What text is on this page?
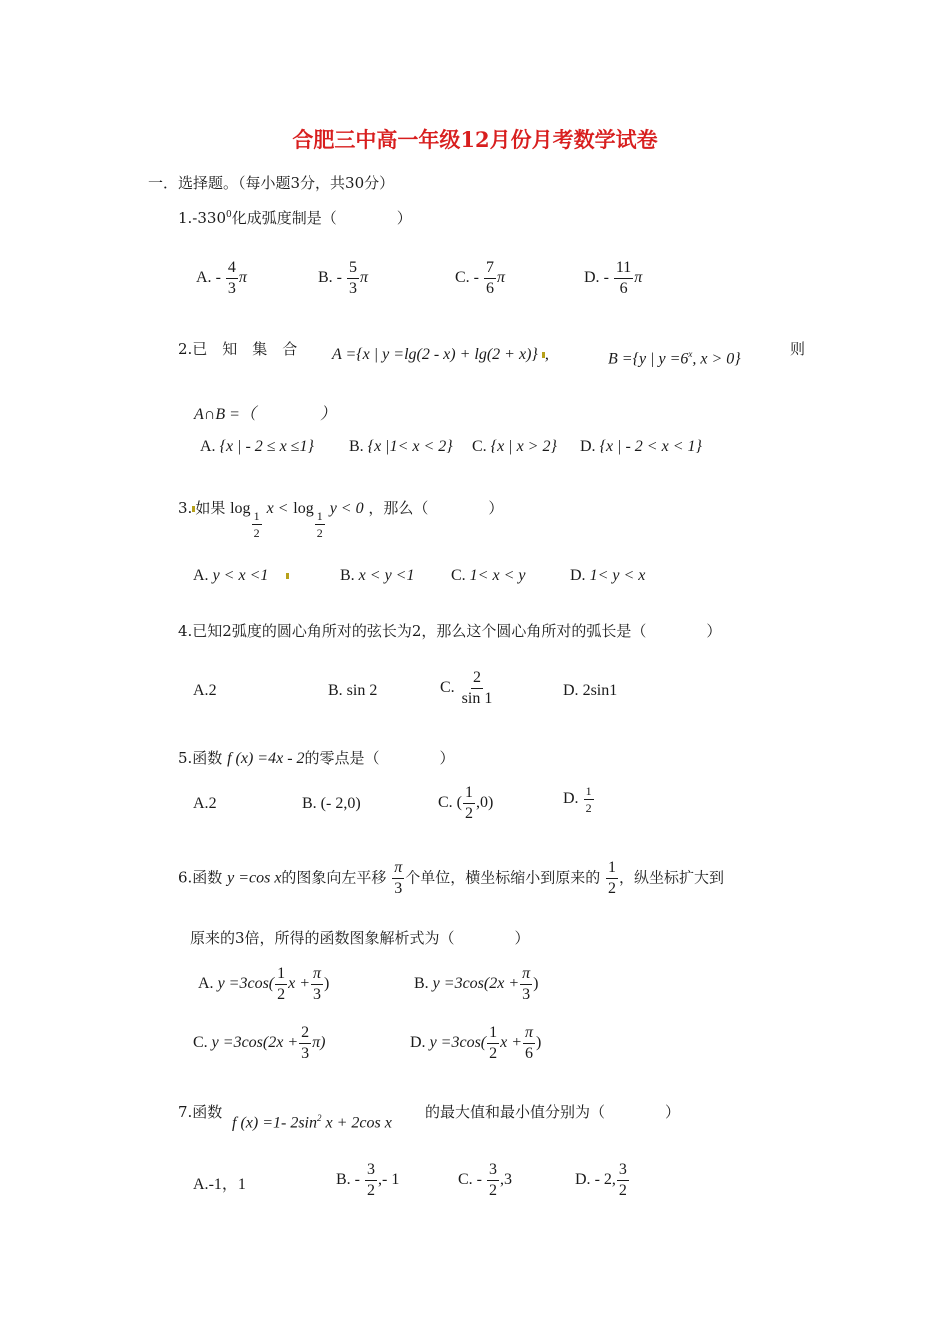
合肥三中高一年级12月份月考数学试卷
一．选择题。（每小题3分，共30分）
$1.-330^0$化成弧度制是（　　　　）
A. - $\frac{4}{3}$ π	B. - $\frac{5}{3}$ π	C. - $\frac{7}{6}$ π	D. - $\frac{11}{6}$ π
2.已　知　集　合 A ={x | y =lg(2 - x) + lg(2 + x)} ,	B ={y | $y =6^x$, x > 0}
则
A∩B =（　　　　）
A. {x | - 2 ≤ x ≤1} B. {x |1< x < 2} C. {x | x > 2} D. {x | - 2 < x < 1}
3. 如果 log
$\frac{1}{2}$
x < log
$\frac{1}{2}$
y < 0 ，那么（　　　　）
A. y < x <1	B. x < y <1 C. 1< x < y	D. 1< y < x
4.已知2弧度的圆心角所对的弦长为2，那么这个圆心角所对的弧长是（　　　　）
A.2	B. sin 2	C. $\frac{2}{\sin 1}$	D. 2sin1
5.函数 f (x) =4x - 2的零点是（　　　　）
A.2	B. (- 2,0)	C. ( $\frac{1}{2} ,0$)	D. $\frac{1}{2}$
6.函数 y =cos x的图象向左平移 $\frac{\pi}{3}$ 个单位，横坐标缩小到原来的 $\frac{1}{2}$ ，纵坐标扩大到
原来的3倍，所得的函数图象解析式为（　　　　）
A. $y =3\cos( \frac{1}{2}$ $x + \frac{\pi}{3}$ )	B. $y =3\cos(2x + \frac{\pi}{3}$ )
C. $y =3\cos(2x + \frac{2}{3} \pi)$	D. $y =3\cos( \frac{1}{2}$ $x + \frac{\pi}{6}$ )
7.函数
f (x) =1- $2\sin^2$ x + 2cos x
的最大值和最小值分别为（　　　　）
A.-1，1	B. - $\frac{3}{2}$ ,- 1	C. - $\frac{3}{2} ,3$	D. - 2, $\frac{3}{2}$
